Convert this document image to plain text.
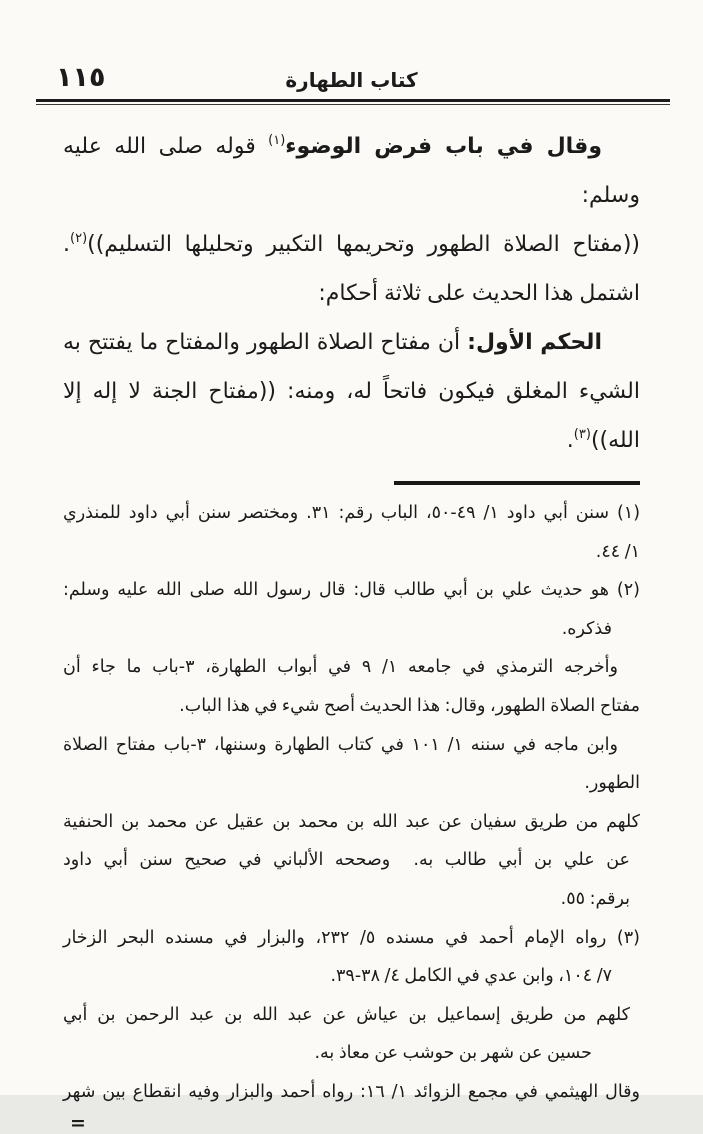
١١٥	كتاب الطهارة
وقال في باب فرض الوضوء$^{(١)}$ قوله صلى الله عليه وسلم:
((مفتاح الصلاة الطهور وتحريمها التكبير وتحليلها التسليم))$^{(٢)}$.
اشتمل هذا الحديث على ثلاثة أحكام:
الحكم الأول: أن مفتاح الصلاة الطهور والمفتاح ما يفتتح به
الشيء المغلق فيكون فاتحاً له، ومنه: ((مفتاح الجنة لا إله إلا الله))$^{(٣)}$.
(١) سنن أبي داود ١/ ٤٩-٥٠، الباب رقم: ٣١. ومختصر سنن أبي داود للمنذري
١/ ٤٤.
(٢) هو حديث علي بن أبي طالب قال: قال رسول الله صلى الله عليه وسلم:
فذكره.
وأخرجه الترمذي في جامعه ١/ ٩ في أبواب الطهارة، ٣-باب ما جاء أن
مفتاح الصلاة الطهور، وقال: هذا الحديث أصح شيء في هذا الباب.
وابن ماجه في سننه ١/ ١٠١ في كتاب الطهارة وسننها، ٣-باب مفتاح الصلاة
الطهور.
كلهم من طريق سفيان عن عبد الله بن محمد بن عقيل عن محمد بن الحنفية
عن علي بن أبي طالب به.  وصححه الألباني في صحيح سنن أبي داود
برقم: ٥٥.
(٣) رواه الإمام أحمد في مسنده ٥/ ٢٣٢، والبزار في مسنده البحر الزخار
٧/ ١٠٤، وابن عدي في الكامل ٤/ ٣٨-٣٩.
كلهم من طريق إسماعيل بن عياش عن عبد الله بن عبد الرحمن بن أبي
حسين عن شهر بن حوشب عن معاذ به.
وقال الهيثمي في مجمع الزوائد ١/ ١٦: رواه أحمد والبزار وفيه انقطاع بين شهر
=
